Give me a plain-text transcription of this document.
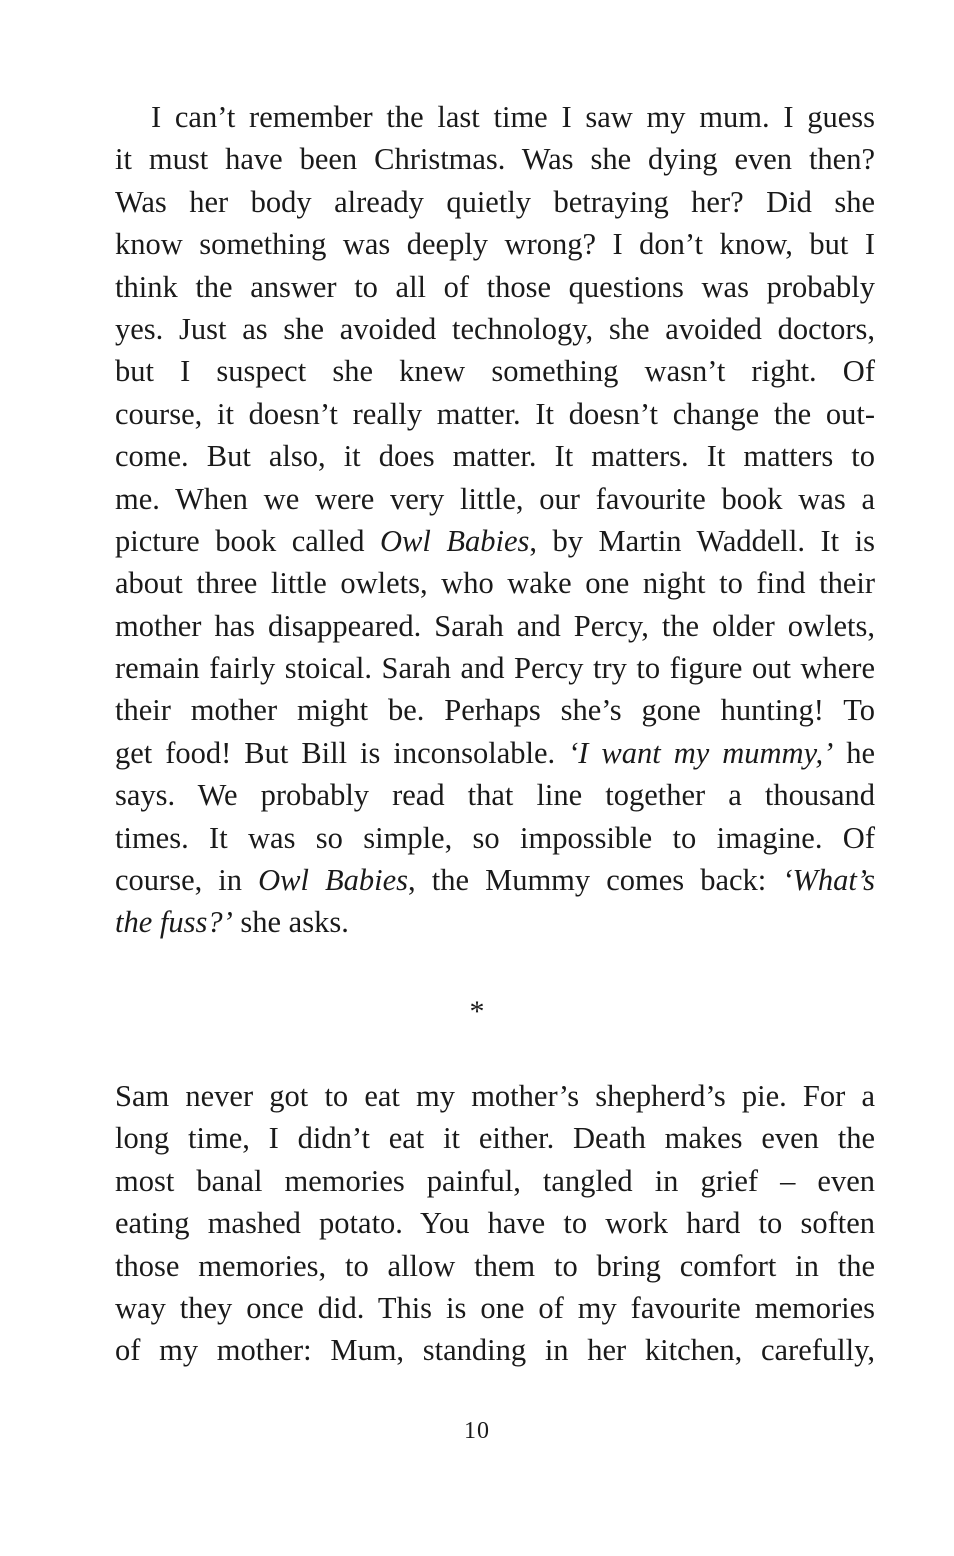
I can’t remember the last time I saw my mum. I guess
it must have been Christmas. Was she dying even then?
Was her body already quietly betraying her? Did she
know something was deeply wrong? I don’t know, but I
think the answer to all of those questions was probably
yes. Just as she avoided technology, she avoided doctors,
but I suspect she knew something wasn’t right. Of
course, it doesn’t really matter. It doesn’t change the out-
come. But also, it does matter. It matters. It matters to
me. When we were very little, our favourite book was a
picture book called Owl Babies, by Martin Waddell. It is
about three little owlets, who wake one night to find their
mother has disappeared. Sarah and Percy, the older owlets,
remain fairly stoical. Sarah and Percy try to figure out where
their mother might be. Perhaps she’s gone hunting! To
get food! But Bill is inconsolable. ‘I want my mummy,’ he
says. We probably read that line together a thousand
times. It was so simple, so impossible to imagine. Of
course, in Owl Babies, the Mummy comes back: ‘What’s
the fuss?’ she asks.
*
Sam never got to eat my mother’s shepherd’s pie. For a
long time, I didn’t eat it either. Death makes even the
most banal memories painful, tangled in grief – even
eating mashed potato. You have to work hard to soften
those memories, to allow them to bring comfort in the
way they once did. This is one of my favourite memories
of my mother: Mum, standing in her kitchen, carefully,
10
